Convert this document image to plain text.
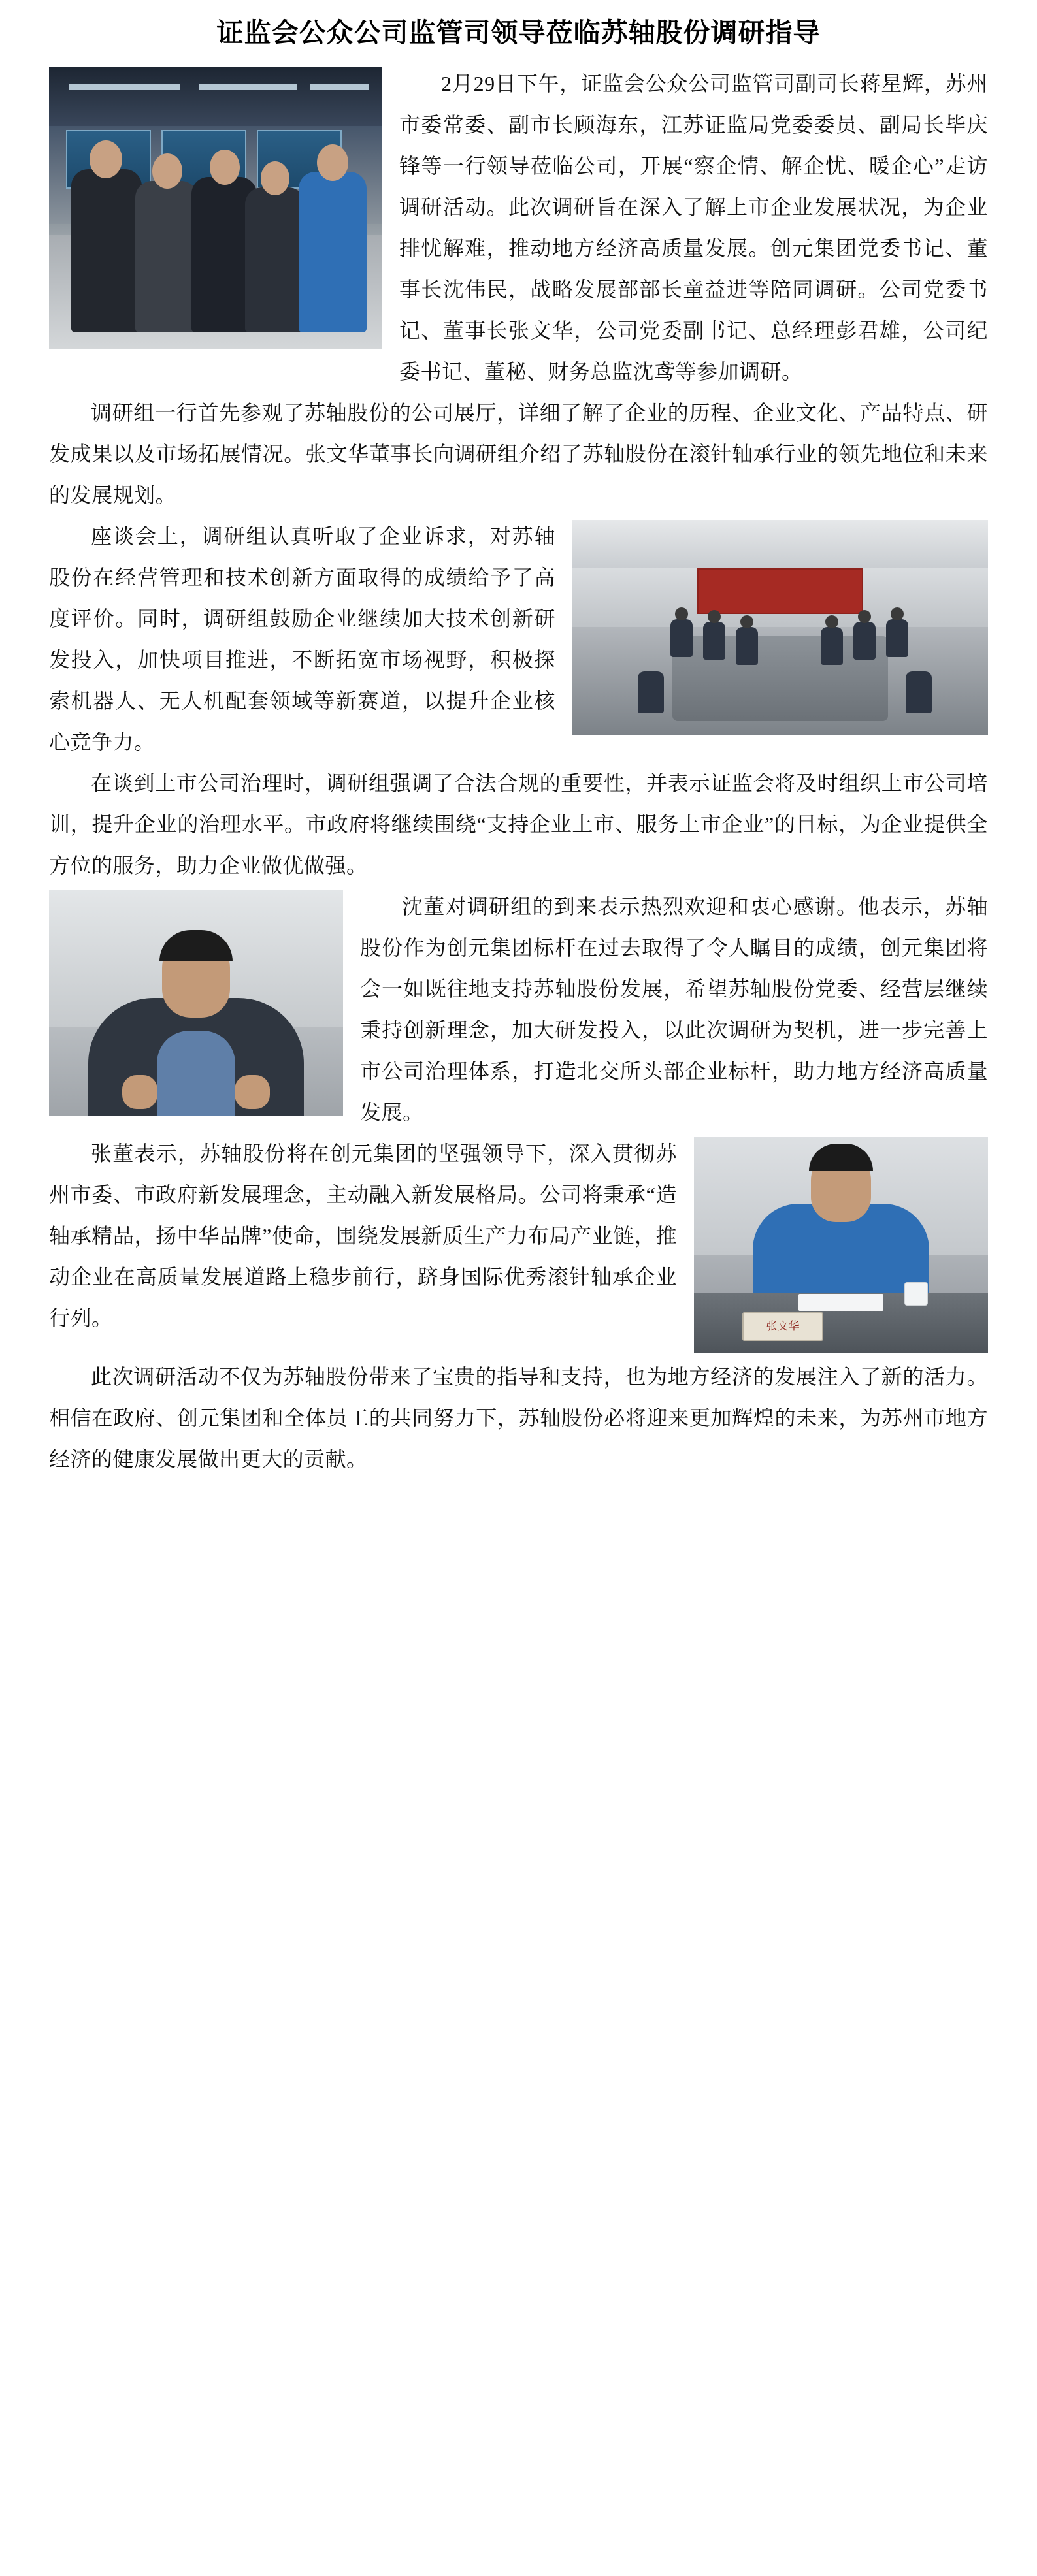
证监会公众公司监管司领导莅临苏轴股份调研指导

2月29日下午，证监会公众公司监管司副司长蒋星辉，苏州市委常委、副市长顾海东，江苏证监局党委委员、副局长毕庆锋等一行领导莅临公司，开展“察企情、解企忧、暖企心”走访调研活动。此次调研旨在深入了解上市企业发展状况，为企业排忧解难，推动地方经济高质量发展。创元集团党委书记、董事长沈伟民，战略发展部部长童益进等陪同调研。公司党委书记、董事长张文华，公司党委副书记、总经理彭君雄，公司纪委书记、董秘、财务总监沈鸢等参加调研。

调研组一行首先参观了苏轴股份的公司展厅，详细了解了企业的历程、企业文化、产品特点、研发成果以及市场拓展情况。张文华董事长向调研组介绍了苏轴股份在滚针轴承行业的领先地位和未来的发展规划。

座谈会上，调研组认真听取了企业诉求，对苏轴股份在经营管理和技术创新方面取得的成绩给予了高度评价。同时，调研组鼓励企业继续加大技术创新研发投入，加快项目推进，不断拓宽市场视野，积极探索机器人、无人机配套领域等新赛道，以提升企业核心竞争力。

在谈到上市公司治理时，调研组强调了合法合规的重要性，并表示证监会将及时组织上市公司培训，提升企业的治理水平。市政府将继续围绕“支持企业上市、服务上市企业”的目标，为企业提供全方位的服务，助力企业做优做强。

沈董对调研组的到来表示热烈欢迎和衷心感谢。他表示，苏轴股份作为创元集团标杆在过去取得了令人瞩目的成绩，创元集团将会一如既往地支持苏轴股份发展，希望苏轴股份党委、经营层继续秉持创新理念，加大研发投入，以此次调研为契机，进一步完善上市公司治理体系，打造北交所头部企业标杆，助力地方经济高质量发展。

张文华

张董表示，苏轴股份将在创元集团的坚强领导下，深入贯彻苏州市委、市政府新发展理念，主动融入新发展格局。公司将秉承“造轴承精品，扬中华品牌”使命，围绕发展新质生产力布局产业链，推动企业在高质量发展道路上稳步前行，跻身国际优秀滚针轴承企业行列。

此次调研活动不仅为苏轴股份带来了宝贵的指导和支持，也为地方经济的发展注入了新的活力。相信在政府、创元集团和全体员工的共同努力下，苏轴股份必将迎来更加辉煌的未来，为苏州市地方经济的健康发展做出更大的贡献。
